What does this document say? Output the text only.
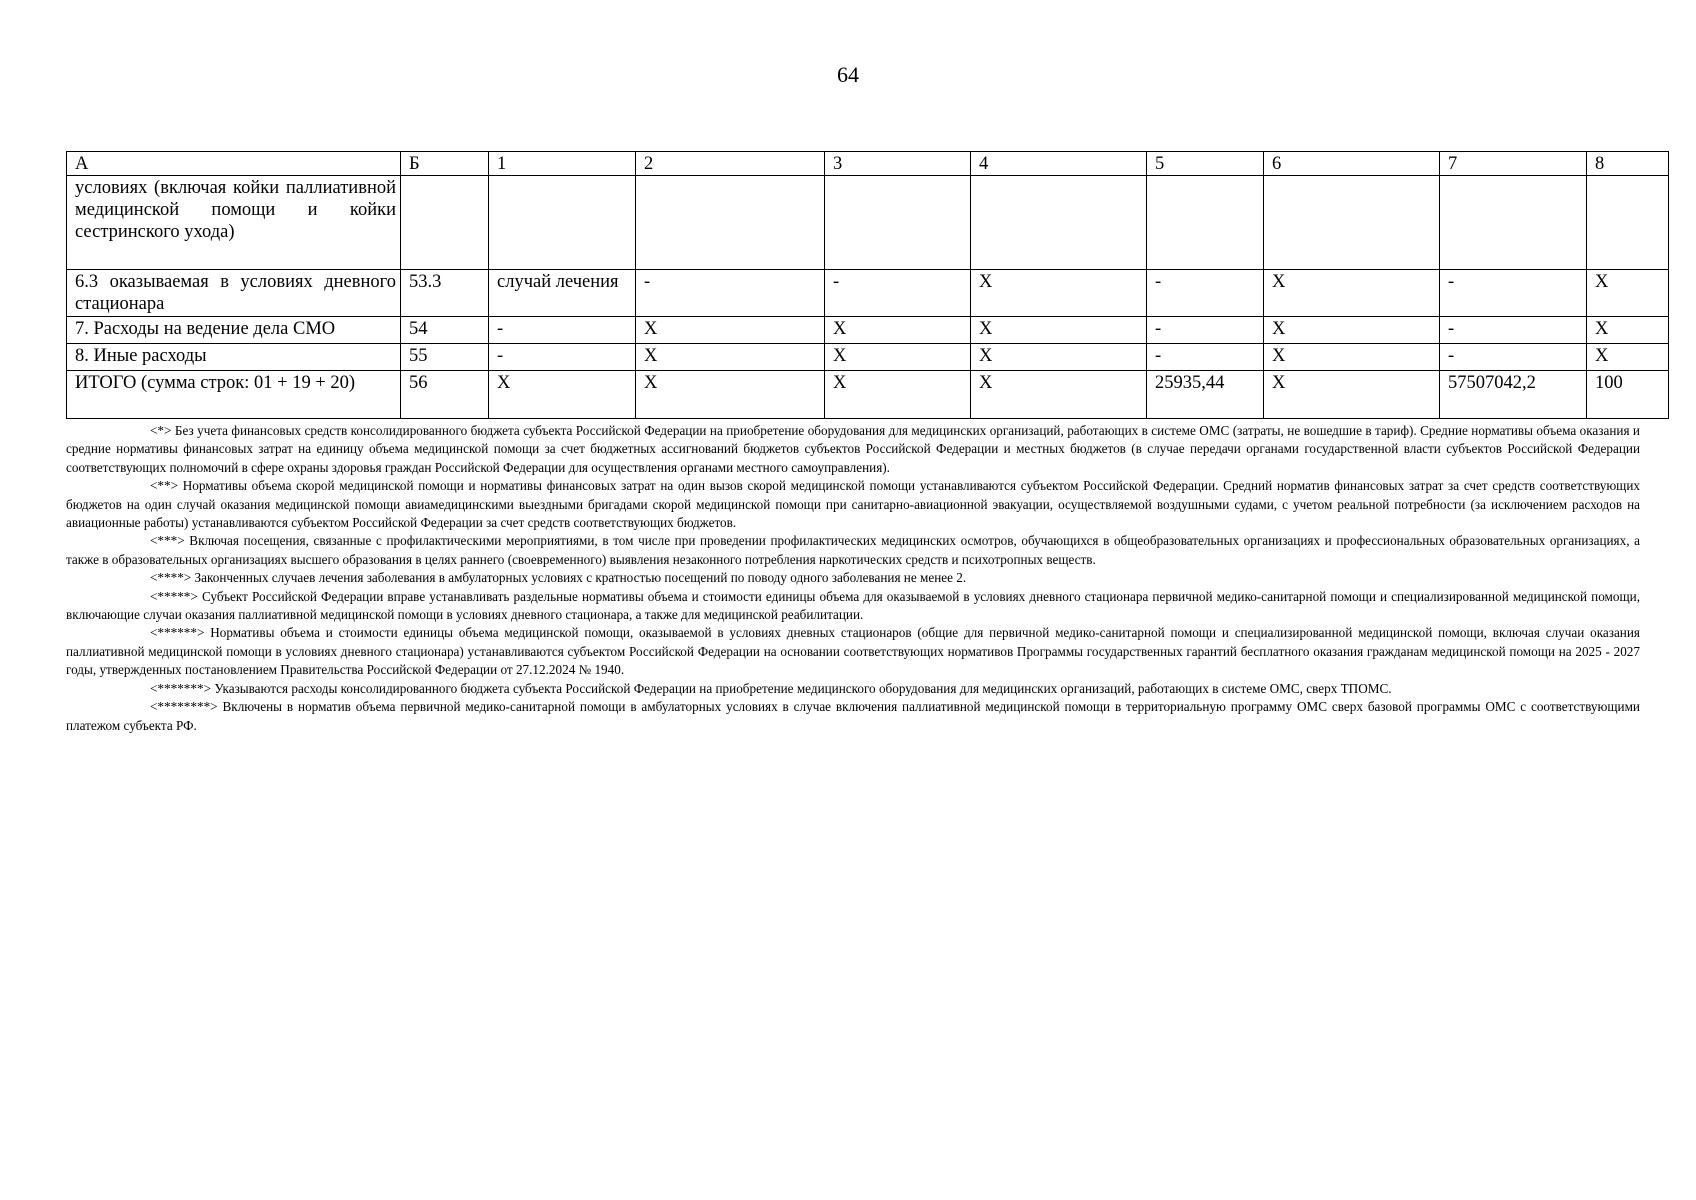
64
А	Б	1	2	3	4	5	6	7	8
условиях (включая койки паллиативной медицинской помощи и койки сестринского ухода)									
6.3 оказываемая в условиях дневного стационара	53.3	случай лечения	-	-	X	-	X	-	X
7. Расходы на ведение дела СМО	54	-	X	X	X	-	X	-	X
8. Иные расходы	55	-	X	X	X	-	X	-	X
ИТОГО (сумма строк: 01 + 19 + 20)	56	X	X	X	X	25935,44	X	57507042,2	100

<*> Без учета финансовых средств консолидированного бюджета субъекта Российской Федерации на приобретение оборудования для медицинских организаций, работающих в системе ОМС (затраты, не вошедшие в тариф). Средние нормативы объема оказания и средние нормативы финансовых затрат на единицу объема медицинской помощи за счет бюджетных ассигнований бюджетов субъектов Российской Федерации и местных бюджетов (в случае передачи органами государственной власти субъектов Российской Федерации соответствующих полномочий в сфере охраны здоровья граждан Российской Федерации для осуществления органами местного самоуправления).

<**> Нормативы объема скорой медицинской помощи и нормативы финансовых затрат на один вызов скорой медицинской помощи устанавливаются субъектом Российской Федерации. Средний норматив финансовых затрат за счет средств соответствующих бюджетов на один случай оказания медицинской помощи авиамедицинскими выездными бригадами скорой медицинской помощи при санитарно-авиационной эвакуации, осуществляемой воздушными судами, с учетом реальной потребности (за исключением расходов на авиационные работы) устанавливаются субъектом Российской Федерации за счет средств соответствующих бюджетов.

<***> Включая посещения, связанные с профилактическими мероприятиями, в том числе при проведении профилактических медицинских осмотров, обучающихся в общеобразовательных организациях и профессиональных образовательных организациях, а также в образовательных организациях высшего образования в целях раннего (своевременного) выявления незаконного потребления наркотических средств и психотропных веществ.

<****> Законченных случаев лечения заболевания в амбулаторных условиях с кратностью посещений по поводу одного заболевания не менее 2.

<*****> Субъект Российской Федерации вправе устанавливать раздельные нормативы объема и стоимости единицы объема для оказываемой в условиях дневного стационара первичной медико-санитарной помощи и специализированной медицинской помощи, включающие случаи оказания паллиативной медицинской помощи в условиях дневного стационара, а также для медицинской реабилитации.

<******> Нормативы объема и стоимости единицы объема медицинской помощи, оказываемой в условиях дневных стационаров (общие для первичной медико-санитарной помощи и специализированной медицинской помощи, включая случаи оказания паллиативной медицинской помощи в условиях дневного стационара) устанавливаются субъектом Российской Федерации на основании соответствующих нормативов Программы государственных гарантий бесплатного оказания гражданам медицинской помощи на 2025 - 2027 годы, утвержденных постановлением Правительства Российской Федерации от 27.12.2024 № 1940.

<*******> Указываются расходы консолидированного бюджета субъекта Российской Федерации на приобретение медицинского оборудования для медицинских организаций, работающих в системе ОМС, сверх ТПОМС.

<********> Включены в норматив объема первичной медико-санитарной помощи в амбулаторных условиях в случае включения паллиативной медицинской помощи в территориальную программу ОМС сверх базовой программы ОМС с соответствующими платежом субъекта РФ.
